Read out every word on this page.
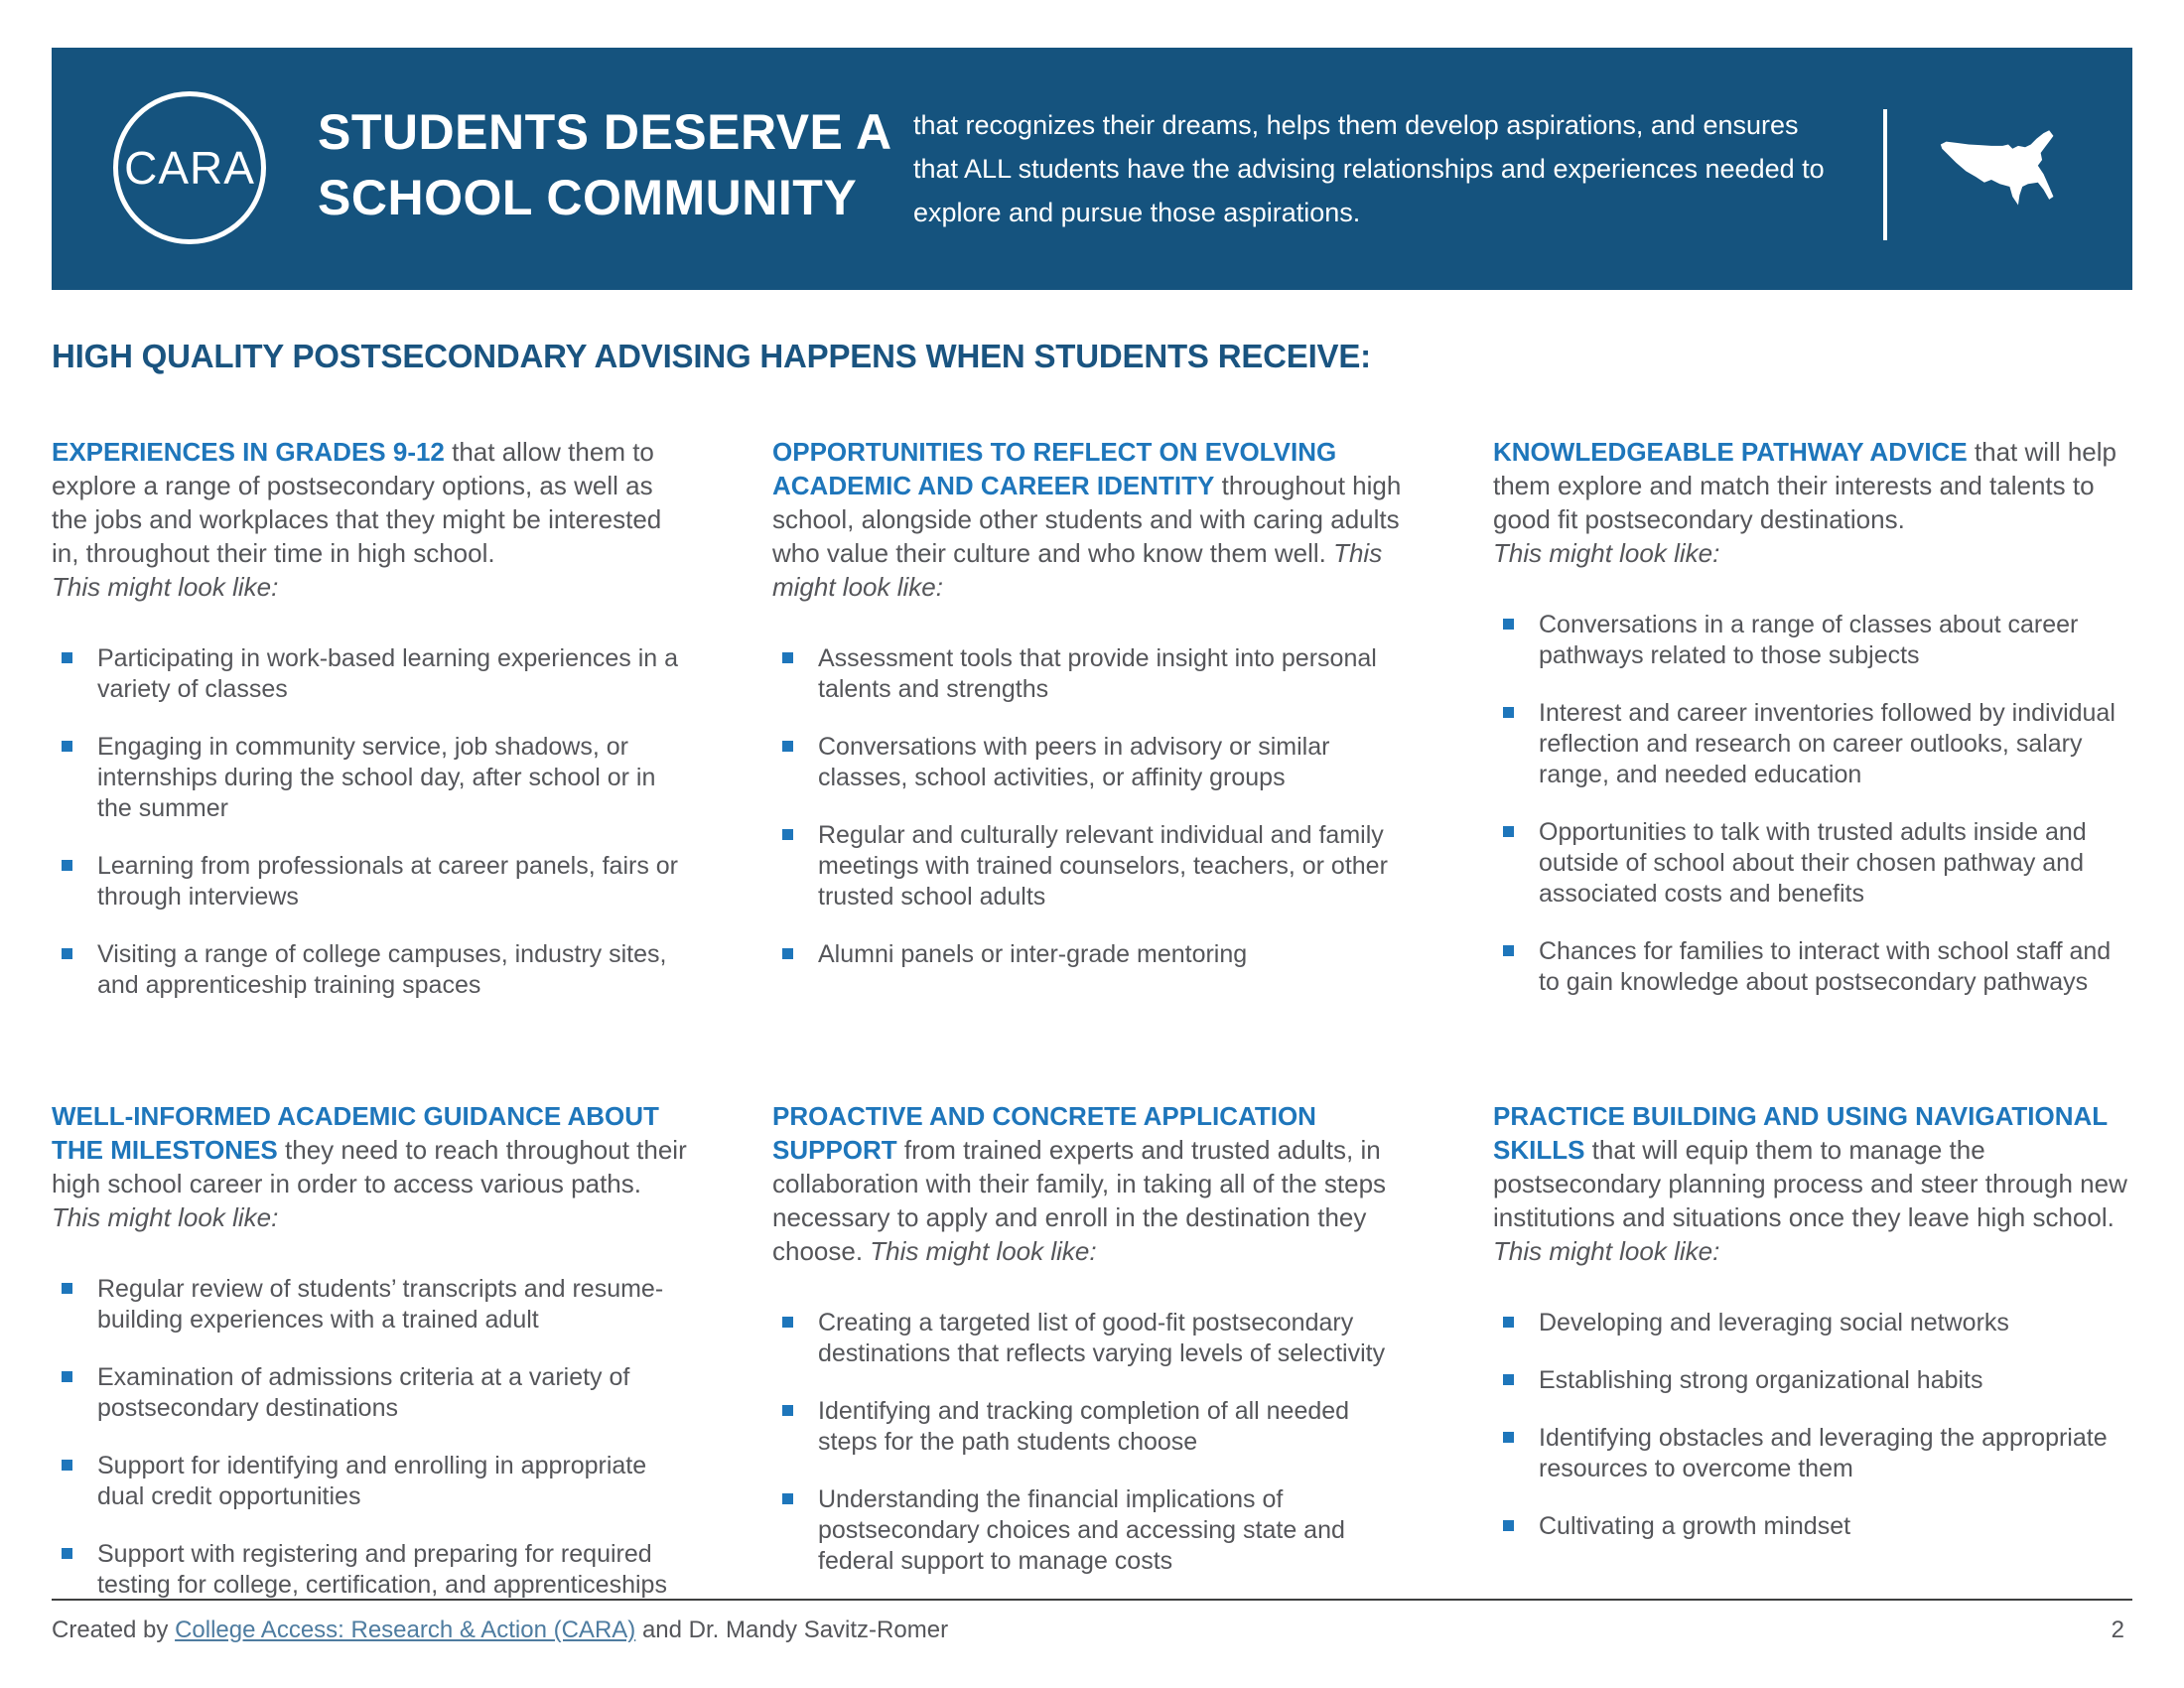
CARA
STUDENTS DESERVE A
SCHOOL COMMUNITY

that recognizes their dreams, helps them develop aspirations, and ensures that ALL students have the advising relationships and experiences needed to explore and pursue those aspirations.

HIGH QUALITY POSTSECONDARY ADVISING HAPPENS WHEN STUDENTS RECEIVE:

EXPERIENCES IN GRADES 9-12 that allow them to explore a range of postsecondary options, as well as the jobs and workplaces that they might be interested in, throughout their time in high school.
This might look like:

Participating in work-based learning experiences in a variety of classes
Engaging in community service, job shadows, or internships during the school day, after school or in the summer
Learning from professionals at career panels, fairs or through interviews
Visiting a range of college campuses, industry sites, and apprenticeship training spaces

OPPORTUNITIES TO REFLECT ON EVOLVING ACADEMIC AND CAREER IDENTITY throughout high school, alongside other students and with caring adults who value their culture and who know them well. This might look like:

Assessment tools that provide insight into personal talents and strengths
Conversations with peers in advisory or similar classes, school activities, or affinity groups
Regular and culturally relevant individual and family meetings with trained counselors, teachers, or other trusted school adults
Alumni panels or inter-grade mentoring

KNOWLEDGEABLE PATHWAY ADVICE that will help them explore and match their interests and talents to good fit postsecondary destinations.
This might look like:

Conversations in a range of classes about career pathways related to those subjects
Interest and career inventories followed by individual reflection and research on career outlooks, salary range, and needed education
Opportunities to talk with trusted adults inside and outside of school about their chosen pathway and associated costs and benefits
Chances for families to interact with school staff and to gain knowledge about postsecondary pathways

WELL-INFORMED ACADEMIC GUIDANCE ABOUT THE MILESTONES they need to reach throughout their high school career in order to access various paths. This might look like:

Regular review of students’ transcripts and resume-building experiences with a trained adult
Examination of admissions criteria at a variety of postsecondary destinations
Support for identifying and enrolling in appropriate dual credit opportunities
Support with registering and preparing for required testing for college, certification, and apprenticeships

PROACTIVE AND CONCRETE APPLICATION SUPPORT from trained experts and trusted adults, in collaboration with their family, in taking all of the steps necessary to apply and enroll in the destination they choose. This might look like:

Creating a targeted list of good-fit postsecondary destinations that reflects varying levels of selectivity
Identifying and tracking completion of all needed steps for the path students choose
Understanding the financial implications of postsecondary choices and accessing state and federal support to manage costs

PRACTICE BUILDING AND USING NAVIGATIONAL SKILLS that will equip them to manage the postsecondary planning process and steer through new institutions and situations once they leave high school. This might look like:

Developing and leveraging social networks
Establishing strong organizational habits
Identifying obstacles and leveraging the appropriate resources to overcome them
Cultivating a growth mindset

Created by College Access: Research & Action (CARA) and Dr. Mandy Savitz-Romer	2
